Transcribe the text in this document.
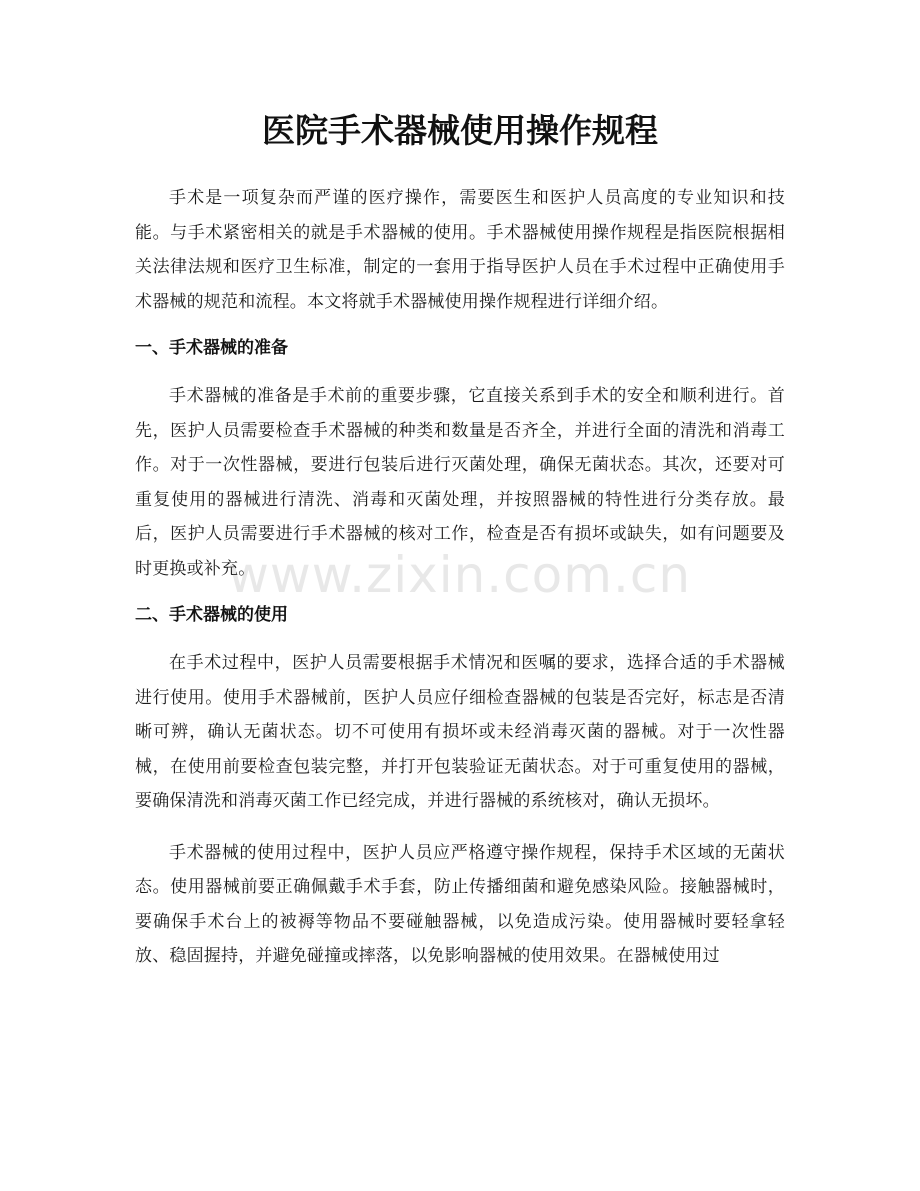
医院手术器械使用操作规程

手术是一项复杂而严谨的医疗操作，需要医生和医护人员高度的专业知识和技能。与手术紧密相关的就是手术器械的使用。手术器械使用操作规程是指医院根据相关法律法规和医疗卫生标准，制定的一套用于指导医护人员在手术过程中正确使用手术器械的规范和流程。本文将就手术器械使用操作规程进行详细介绍。

一、手术器械的准备

手术器械的准备是手术前的重要步骤，它直接关系到手术的安全和顺利进行。首先，医护人员需要检查手术器械的种类和数量是否齐全，并进行全面的清洗和消毒工作。对于一次性器械，要进行包装后进行灭菌处理，确保无菌状态。其次，还要对可重复使用的器械进行清洗、消毒和灭菌处理，并按照器械的特性进行分类存放。最后，医护人员需要进行手术器械的核对工作，检查是否有损坏或缺失，如有问题要及时更换或补充。

二、手术器械的使用

在手术过程中，医护人员需要根据手术情况和医嘱的要求，选择合适的手术器械进行使用。使用手术器械前，医护人员应仔细检查器械的包装是否完好，标志是否清晰可辨，确认无菌状态。切不可使用有损坏或未经消毒灭菌的器械。对于一次性器械，在使用前要检查包装完整，并打开包装验证无菌状态。对于可重复使用的器械，要确保清洗和消毒灭菌工作已经完成，并进行器械的系统核对，确认无损坏。

手术器械的使用过程中，医护人员应严格遵守操作规程，保持手术区域的无菌状态。使用器械前要正确佩戴手术手套，防止传播细菌和避免感染风险。接触器械时，要确保手术台上的被褥等物品不要碰触器械，以免造成污染。使用器械时要轻拿轻放、稳固握持，并避免碰撞或摔落，以免影响器械的使用效果。在器械使用过

www.zixin.com.cn
